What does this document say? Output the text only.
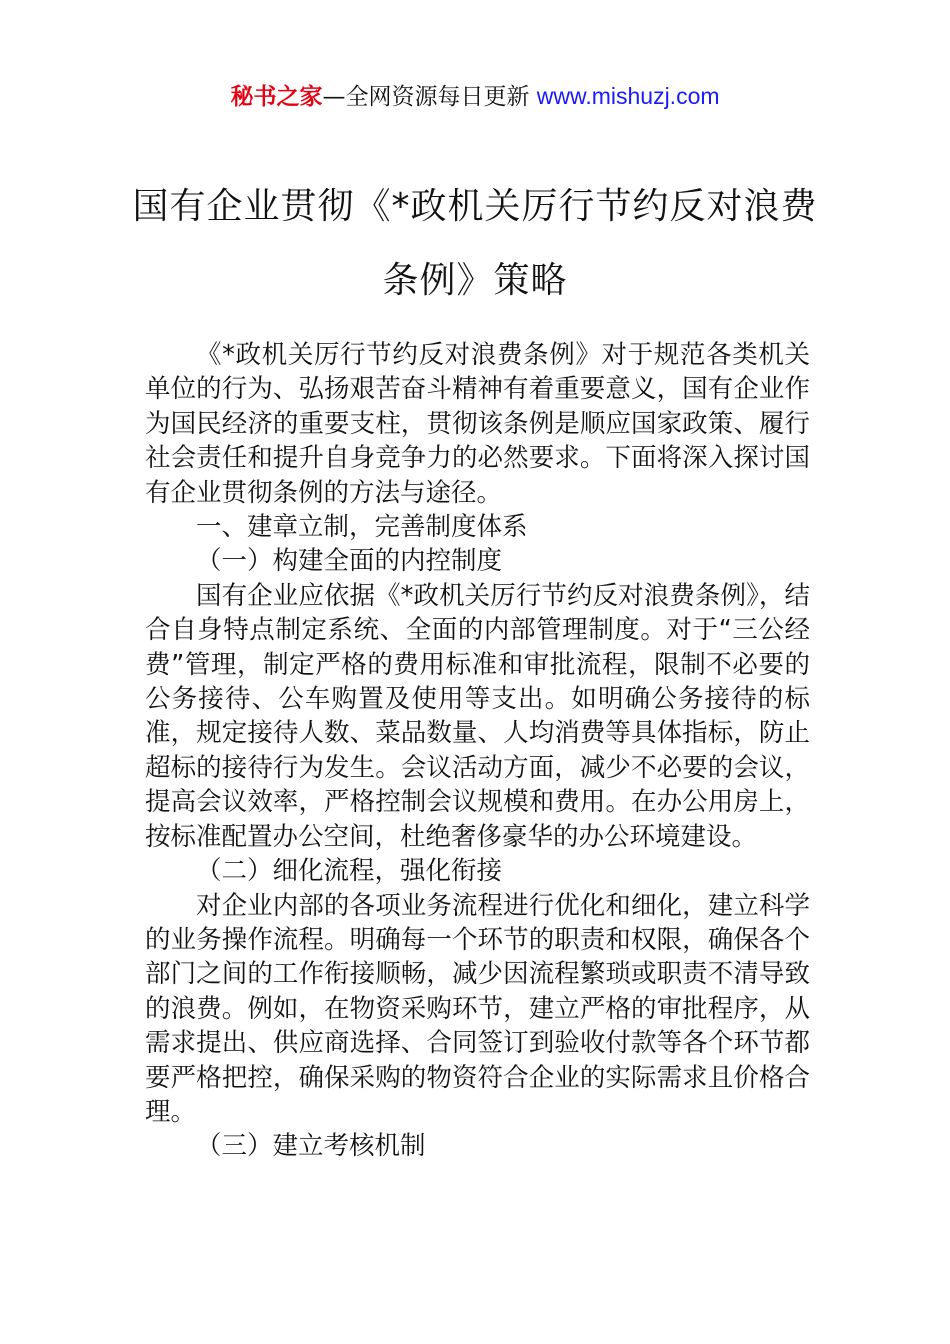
秘书之家—全网资源每日更新 www.mishuzj.com
国有企业贯彻《*政机关厉行节约反对浪费
条例》策略

《*政机关厉行节约反对浪费条例》对于规范各类机关单位的行为、弘扬艰苦奋斗精神有着重要意义，国有企业作为国民经济的重要支柱，贯彻该条例是顺应国家政策、履行社会责任和提升自身竞争力的必然要求。下面将深入探讨国有企业贯彻条例的方法与途径。

一、建章立制，完善制度体系

（一）构建全面的内控制度

国有企业应依据《*政机关厉行节约反对浪费条例》，结合自身特点制定系统、全面的内部管理制度。对于“三公经费”管理，制定严格的费用标准和审批流程，限制不必要的公务接待、公车购置及使用等支出。如明确公务接待的标准，规定接待人数、菜品数量、人均消费等具体指标，防止超标的接待行为发生。会议活动方面，减少不必要的会议，提高会议效率，严格控制会议规模和费用。在办公用房上，按标准配置办公空间，杜绝奢侈豪华的办公环境建设。

（二）细化流程，强化衔接

对企业内部的各项业务流程进行优化和细化，建立科学的业务操作流程。明确每一个环节的职责和权限，确保各个部门之间的工作衔接顺畅，减少因流程繁琐或职责不清导致的浪费。例如，在物资采购环节，建立严格的审批程序，从需求提出、供应商选择、合同签订到验收付款等各个环节都要严格把控，确保采购的物资符合企业的实际需求且价格合理。

（三）建立考核机制
